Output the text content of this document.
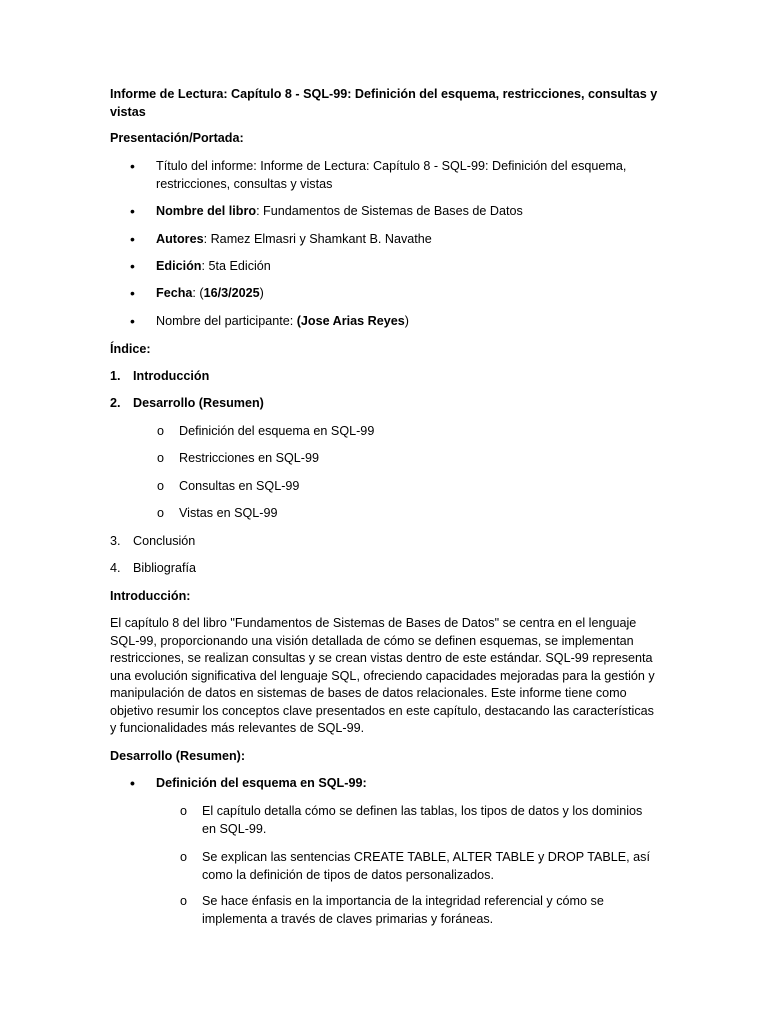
Informe de Lectura: Capítulo 8 - SQL-99: Definición del esquema, restricciones, consultas y vistas
Presentación/Portada:
• Título del informe: Informe de Lectura: Capítulo 8 - SQL-99: Definición del esquema, restricciones, consultas y vistas
• Nombre del libro: Fundamentos de Sistemas de Bases de Datos
• Autores: Ramez Elmasri y Shamkant B. Navathe
• Edición: 5ta Edición
• Fecha: (16/3/2025)
• Nombre del participante: (Jose Arias Reyes)
Índice:
1. Introducción
2. Desarrollo (Resumen)
o Definición del esquema en SQL-99
o Restricciones en SQL-99
o Consultas en SQL-99
o Vistas en SQL-99
3. Conclusión
4. Bibliografía
Introducción:
El capítulo 8 del libro "Fundamentos de Sistemas de Bases de Datos" se centra en el lenguaje SQL-99, proporcionando una visión detallada de cómo se definen esquemas, se implementan restricciones, se realizan consultas y se crean vistas dentro de este estándar. SQL-99 representa una evolución significativa del lenguaje SQL, ofreciendo capacidades mejoradas para la gestión y manipulación de datos en sistemas de bases de datos relacionales. Este informe tiene como objetivo resumir los conceptos clave presentados en este capítulo, destacando las características y funcionalidades más relevantes de SQL-99.
Desarrollo (Resumen):
• Definición del esquema en SQL-99:
o El capítulo detalla cómo se definen las tablas, los tipos de datos y los dominios en SQL-99.
o Se explican las sentencias CREATE TABLE, ALTER TABLE y DROP TABLE, así como la definición de tipos de datos personalizados.
o Se hace énfasis en la importancia de la integridad referencial y cómo se implementa a través de claves primarias y foráneas.
